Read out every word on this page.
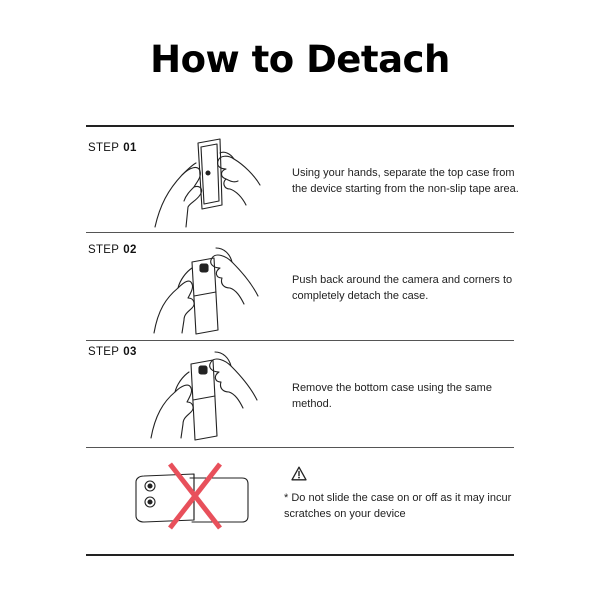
How to Detach
STEP 01
Using your hands, separate the top case from the device starting from the non-slip tape area.
STEP 02
Push back around the camera and corners to completely detach the case.
STEP 03
Remove the bottom case using the same method.
* Do not slide the case on or off as it may incur scratches on your device
